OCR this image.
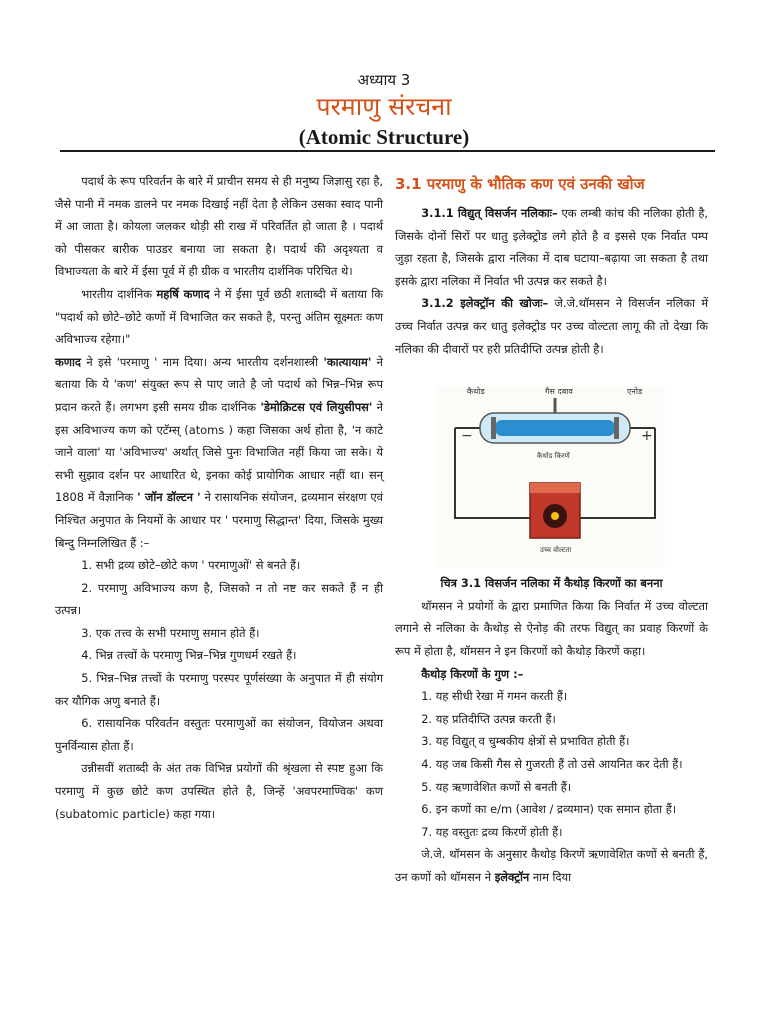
अध्याय 3
परमाणु संरचना
(Atomic Structure)

पदार्थ के रूप परिवर्तन के बारे में प्राचीन समय से ही मनुष्य जिज्ञासु रहा है, जैसे पानी में नमक डालने पर नमक दिखाई नहीं देता है लेकिन उसका स्वाद पानी में आ जाता है। कोयला जलकर थोड़ी सी राख में परिवर्तित हो जाता है । पदार्थ को पीसकर बारीक पाउडर बनाया जा सकता है। पदार्थ की अदृश्यता व विभाज्यता के बारे में ईसा पूर्व में ही ग्रीक व भारतीय दार्शनिक परिचित थे।

भारतीय दार्शनिक महर्षि कणाद ने में ईसा पूर्व छठी शताब्दी में बताया कि "पदार्थ को छोटे–छोटे कणों में विभाजित कर सकते है, परन्तु अंतिम सूक्ष्मतः कण अविभाज्य रहेगा।"
कणाद ने इसे 'परमाणु ' नाम दिया। अन्य भारतीय दर्शनशास्त्री 'कात्यायाम' ने बताया कि ये 'कण' संयुक्त रूप से पाए जाते है जो पदार्थ को भिन्न–भिन्न रूप प्रदान करते हैं। लगभग इसी समय ग्रीक दार्शनिक 'डेमोक्रिटस एवं लियुसीपस' ने इस अविभाज्य कण को एटॅम्स् (atoms ) कहा जिसका अर्थ होता है, 'न काटे जाने वाला' या 'अविभाज्य' अर्थात् जिसे पुनः विभाजित नहीं किया जा सके। ये सभी सुझाव दर्शन पर आधारित थे, इनका कोई प्रायोगिक आधार नहीं था। सन् 1808 में वैज्ञानिक ' जॉन डॉल्टन ' ने रासायनिक संयोजन, द्रव्यमान संरक्षण एवं निश्चित अनुपात के नियमों के आधार पर ' परमाणु सिद्धान्त' दिया, जिसके मुख्य बिन्दु निम्नलिखित हैं :–

1. सभी द्रव्य छोटे–छोटे कण ' परमाणुओं' से बनते हैं।

2. परमाणु अविभाज्य कण है, जिसको न तो नष्ट कर सकते हैं न ही उत्पन्न।

3. एक तत्त्व के सभी परमाणु समान होते हैं।

4. भिन्न तत्त्वों के परमाणु भिन्न–भिन्न गुणधर्म रखते हैं।

5. भिन्न–भिन्न तत्त्वों के परमाणु परस्पर पूर्णसंख्या के अनुपात में ही संयोग कर यौगिक अणु बनाते हैं।

6. रासायनिक परिवर्तन वस्तुतः परमाणुओं का संयोजन, वियोजन अथवा पुनर्विन्यास होता हैं।

उन्नीसवीं शताब्दी के अंत तक विभिन्न प्रयोगों की श्रृंखला से स्पष्ट हुआ कि परमाणु में कुछ छोटे कण उपस्थित होते है, जिन्हें 'अवपरमाण्विक' कण (subatomic particle) कहा गया।

3.1 परमाणु के भौतिक कण एवं उनकी खोज

3.1.1 विद्युत् विसर्जन नलिकाः– एक लम्बी कांच की नलिका होती है, जिसके दोनों सिरों पर धातु इलेक्ट्रोड लगे होते है व इससे एक निर्वात पम्प जुड़ा रहता है, जिसके द्वारा नलिका में दाब घटाया–बढ़ाया जा सकता है तथा इसके द्वारा नलिका में निर्वात भी उत्पन्न कर सकते है।

3.1.2 इलेक्ट्रॉन की खोजः– जे.जे.थॉमसन ने विसर्जन नलिका में उच्च निर्वात उत्पन्न कर धातु इलेक्ट्रोड पर उच्च वोल्टता लागू की तो देखा कि नलिका की दीवारों पर हरी प्रतिदीप्ति उत्पन्न होती है।

कैथोड	गैस दबाव	एनोड
कैथोड किरणें
−	+
उच्च वोल्टता

चित्र 3.1 विसर्जन नलिका में कैथोड़ किरणों का बनना

थॉमसन ने प्रयोगों के द्वारा प्रमाणित किया कि निर्वात में उच्च वोल्टता लगाने से नलिका के कैथोड़ से ऐनोड़ की तरफ विद्युत् का प्रवाह किरणों के रूप में होता है, थॉमसन ने इन किरणों को कैथोड़ किरणें कहा।

कैथोड़ किरणों के गुण :–

1. यह सीधी रेखा में गमन करती हैं।

2. यह प्रतिदीप्ति उत्पन्न करती हैं।

3. यह विद्युत् व चुम्बकीय क्षेत्रों से प्रभावित होती हैं।

4. यह जब किसी गैस से गुजरती हैं तो उसे आयनित कर देती हैं।

5. यह ऋणावेशित कणों से बनती हैं।

6. इन कणों का e/m (आवेश / द्रव्यमान) एक समान होता हैं।

7. यह वस्तुतः द्रव्य किरणें होती हैं।

जे.जे. थॉमसन के अनुसार कैथोड़ किरणें ऋणावेशित कणों से बनती हैं, उन कणों को थॉमसन ने इलेक्ट्रॉन नाम दिया
